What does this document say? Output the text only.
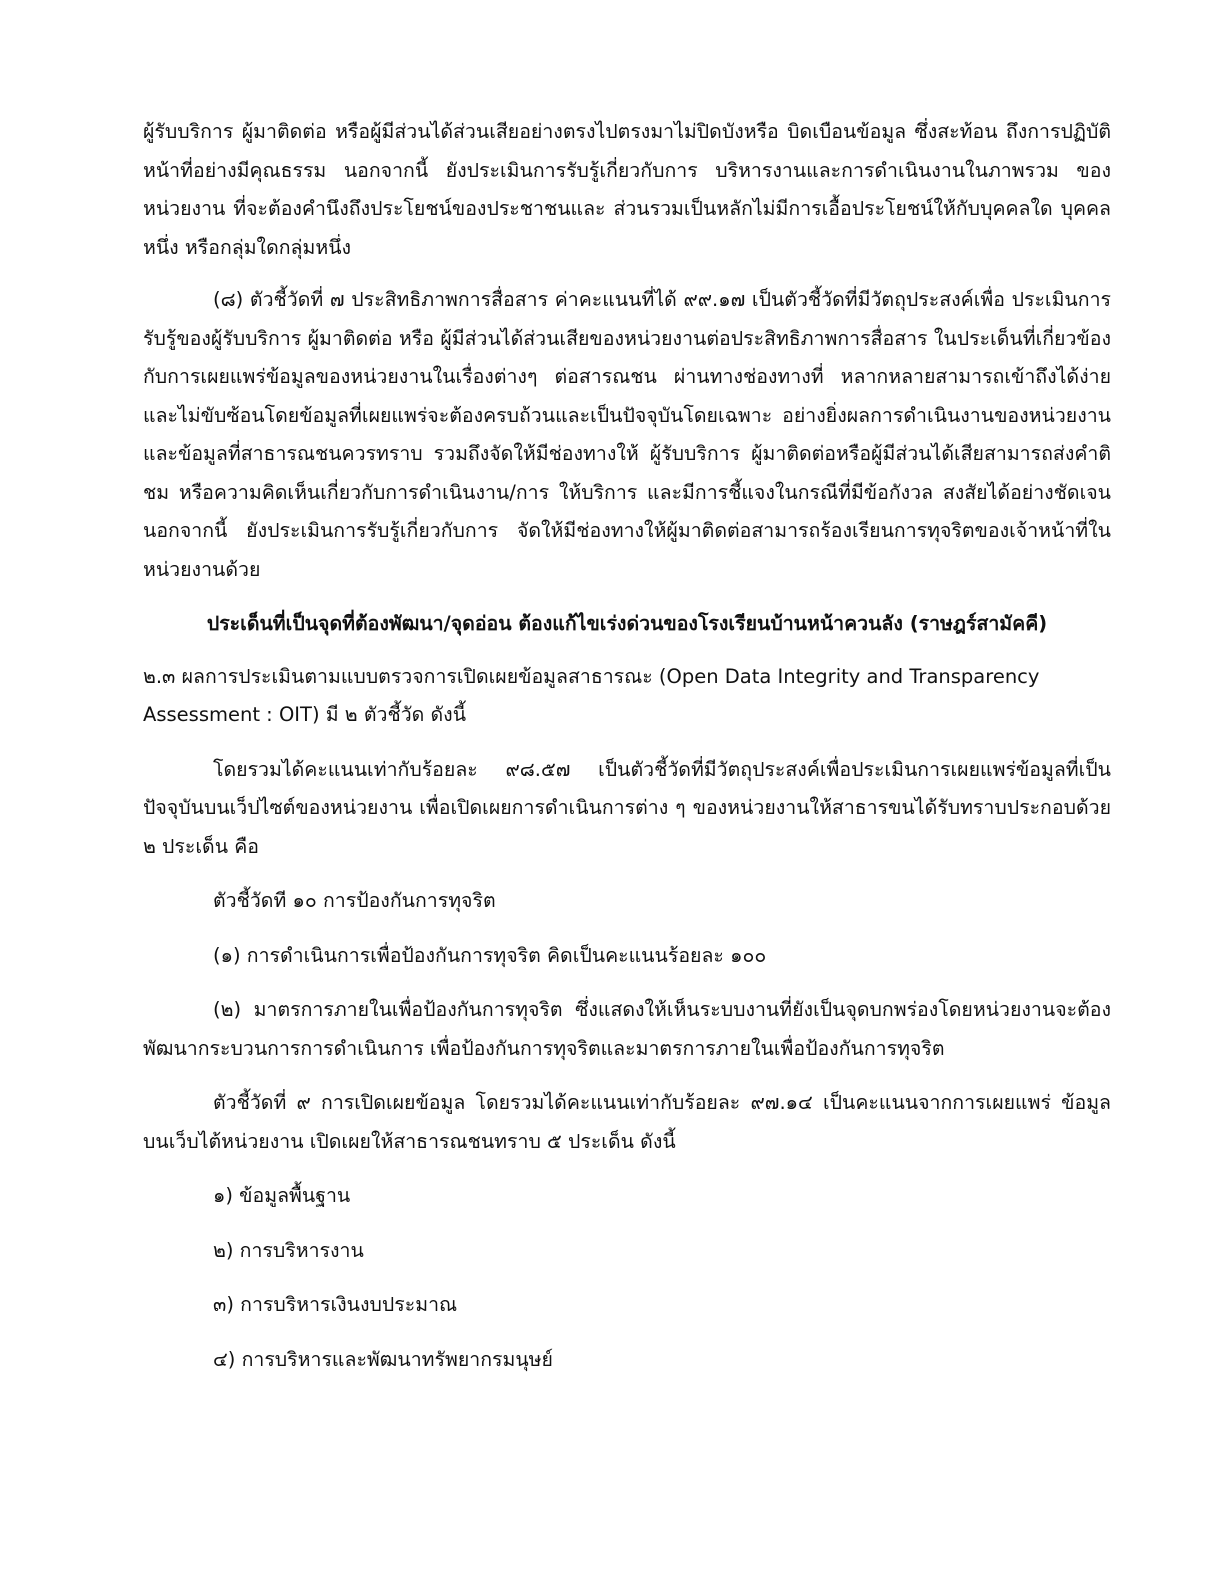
ผู้รับบริการ ผู้มาติดต่อ หรือผู้มีส่วนได้ส่วนเสียอย่างตรงไปตรงมาไม่ปิดบังหรือ บิดเบือนข้อมูล ซึ่งสะท้อน ถึงการปฏิบัติหน้าที่อย่างมีคุณธรรม นอกจากนี้ ยังประเมินการรับรู้เกี่ยวกับการ บริหารงานและการดำเนินงานในภาพรวม ของหน่วยงาน ที่จะต้องคำนึงถึงประโยชน์ของประชาชนและ ส่วนรวมเป็นหลักไม่มีการเอื้อประโยชน์ให้กับบุคคลใด บุคคลหนึ่ง หรือกลุ่มใดกลุ่มหนึ่ง

(๘) ตัวชี้วัดที่ ๗ ประสิทธิภาพการสื่อสาร ค่าคะแนนที่ได้ ๙๙.๑๗ เป็นตัวชี้วัดที่มีวัตถุประสงค์เพื่อ ประเมินการรับรู้ของผู้รับบริการ ผู้มาติดต่อ หรือ ผู้มีส่วนได้ส่วนเสียของหน่วยงานต่อประสิทธิภาพการสื่อสาร ในประเด็นที่เกี่ยวข้องกับการเผยแพร่ข้อมูลของหน่วยงานในเรื่องต่างๆ ต่อสารณชน ผ่านทางช่องทางที่ หลากหลายสามารถเข้าถึงได้ง่ายและไม่ขับซ้อนโดยข้อมูลที่เผยแพร่จะต้องครบถ้วนและเป็นปัจจุบันโดยเฉพาะ อย่างยิ่งผลการดำเนินงานของหน่วยงานและข้อมูลที่สาธารณชนควรทราบ รวมถึงจัดให้มีช่องทางให้ ผู้รับบริการ ผู้มาติดต่อหรือผู้มีส่วนได้เสียสามารถส่งคำติชม หรือความคิดเห็นเกี่ยวกับการดำเนินงาน/การ ให้บริการ และมีการชี้แจงในกรณีที่มีข้อกังวล สงสัยได้อย่างชัดเจน นอกจากนี้ ยังประเมินการรับรู้เกี่ยวกับการ จัดให้มีช่องทางให้ผู้มาติดต่อสามารถร้องเรียนการทุจริตของเจ้าหน้าที่ในหน่วยงานด้วย

ประเด็นที่เป็นจุดที่ต้องพัฒนา/จุดอ่อน ต้องแก้ไขเร่งด่วนของโรงเรียนบ้านหน้าควนลัง (ราษฎร์สามัคคี)

๒.๓ ผลการประเมินตามแบบตรวจการเปิดเผยข้อมูลสาธารณะ (Open Data Integrity and Transparency Assessment : OIT) มี ๒ ตัวชี้วัด ดังนี้

โดยรวมได้คะแนนเท่ากับร้อยละ ๙๘.๕๗ เป็นตัวชี้วัดที่มีวัตถุประสงค์เพื่อประเมินการเผยแพร่ข้อมูลที่เป็นปัจจุบันบนเว็ปไซต์ของหน่วยงาน เพื่อเปิดเผยการดำเนินการต่าง ๆ ของหน่วยงานให้สาธารขนได้รับทราบประกอบด้วย ๒ ประเด็น คือ

ตัวชี้วัดที ๑๐ การป้องกันการทุจริต

(๑) การดำเนินการเพื่อป้องกันการทุจริต คิดเป็นคะแนนร้อยละ ๑๐๐

(๒) มาตรการภายในเพื่อป้องกันการทุจริต ซึ่งแสดงให้เห็นระบบงานที่ยังเป็นจุดบกพร่องโดยหน่วยงานจะต้องพัฒนากระบวนการการดำเนินการ เพื่อป้องกันการทุจริตและมาตรการภายในเพื่อป้องกันการทุจริต

ตัวชี้วัดที่ ๙ การเปิดเผยข้อมูล โดยรวมได้คะแนนเท่ากับร้อยละ ๙๗.๑๔ เป็นคะแนนจากการเผยแพร่ ข้อมูลบนเว็บไต้หน่วยงาน เปิดเผยให้สาธารณชนทราบ ๕ ประเด็น ดังนี้

๑) ข้อมูลพื้นฐาน

๒) การบริหารงาน

๓) การบริหารเงินงบประมาณ

๔) การบริหารและพัฒนาทรัพยากรมนุษย์
